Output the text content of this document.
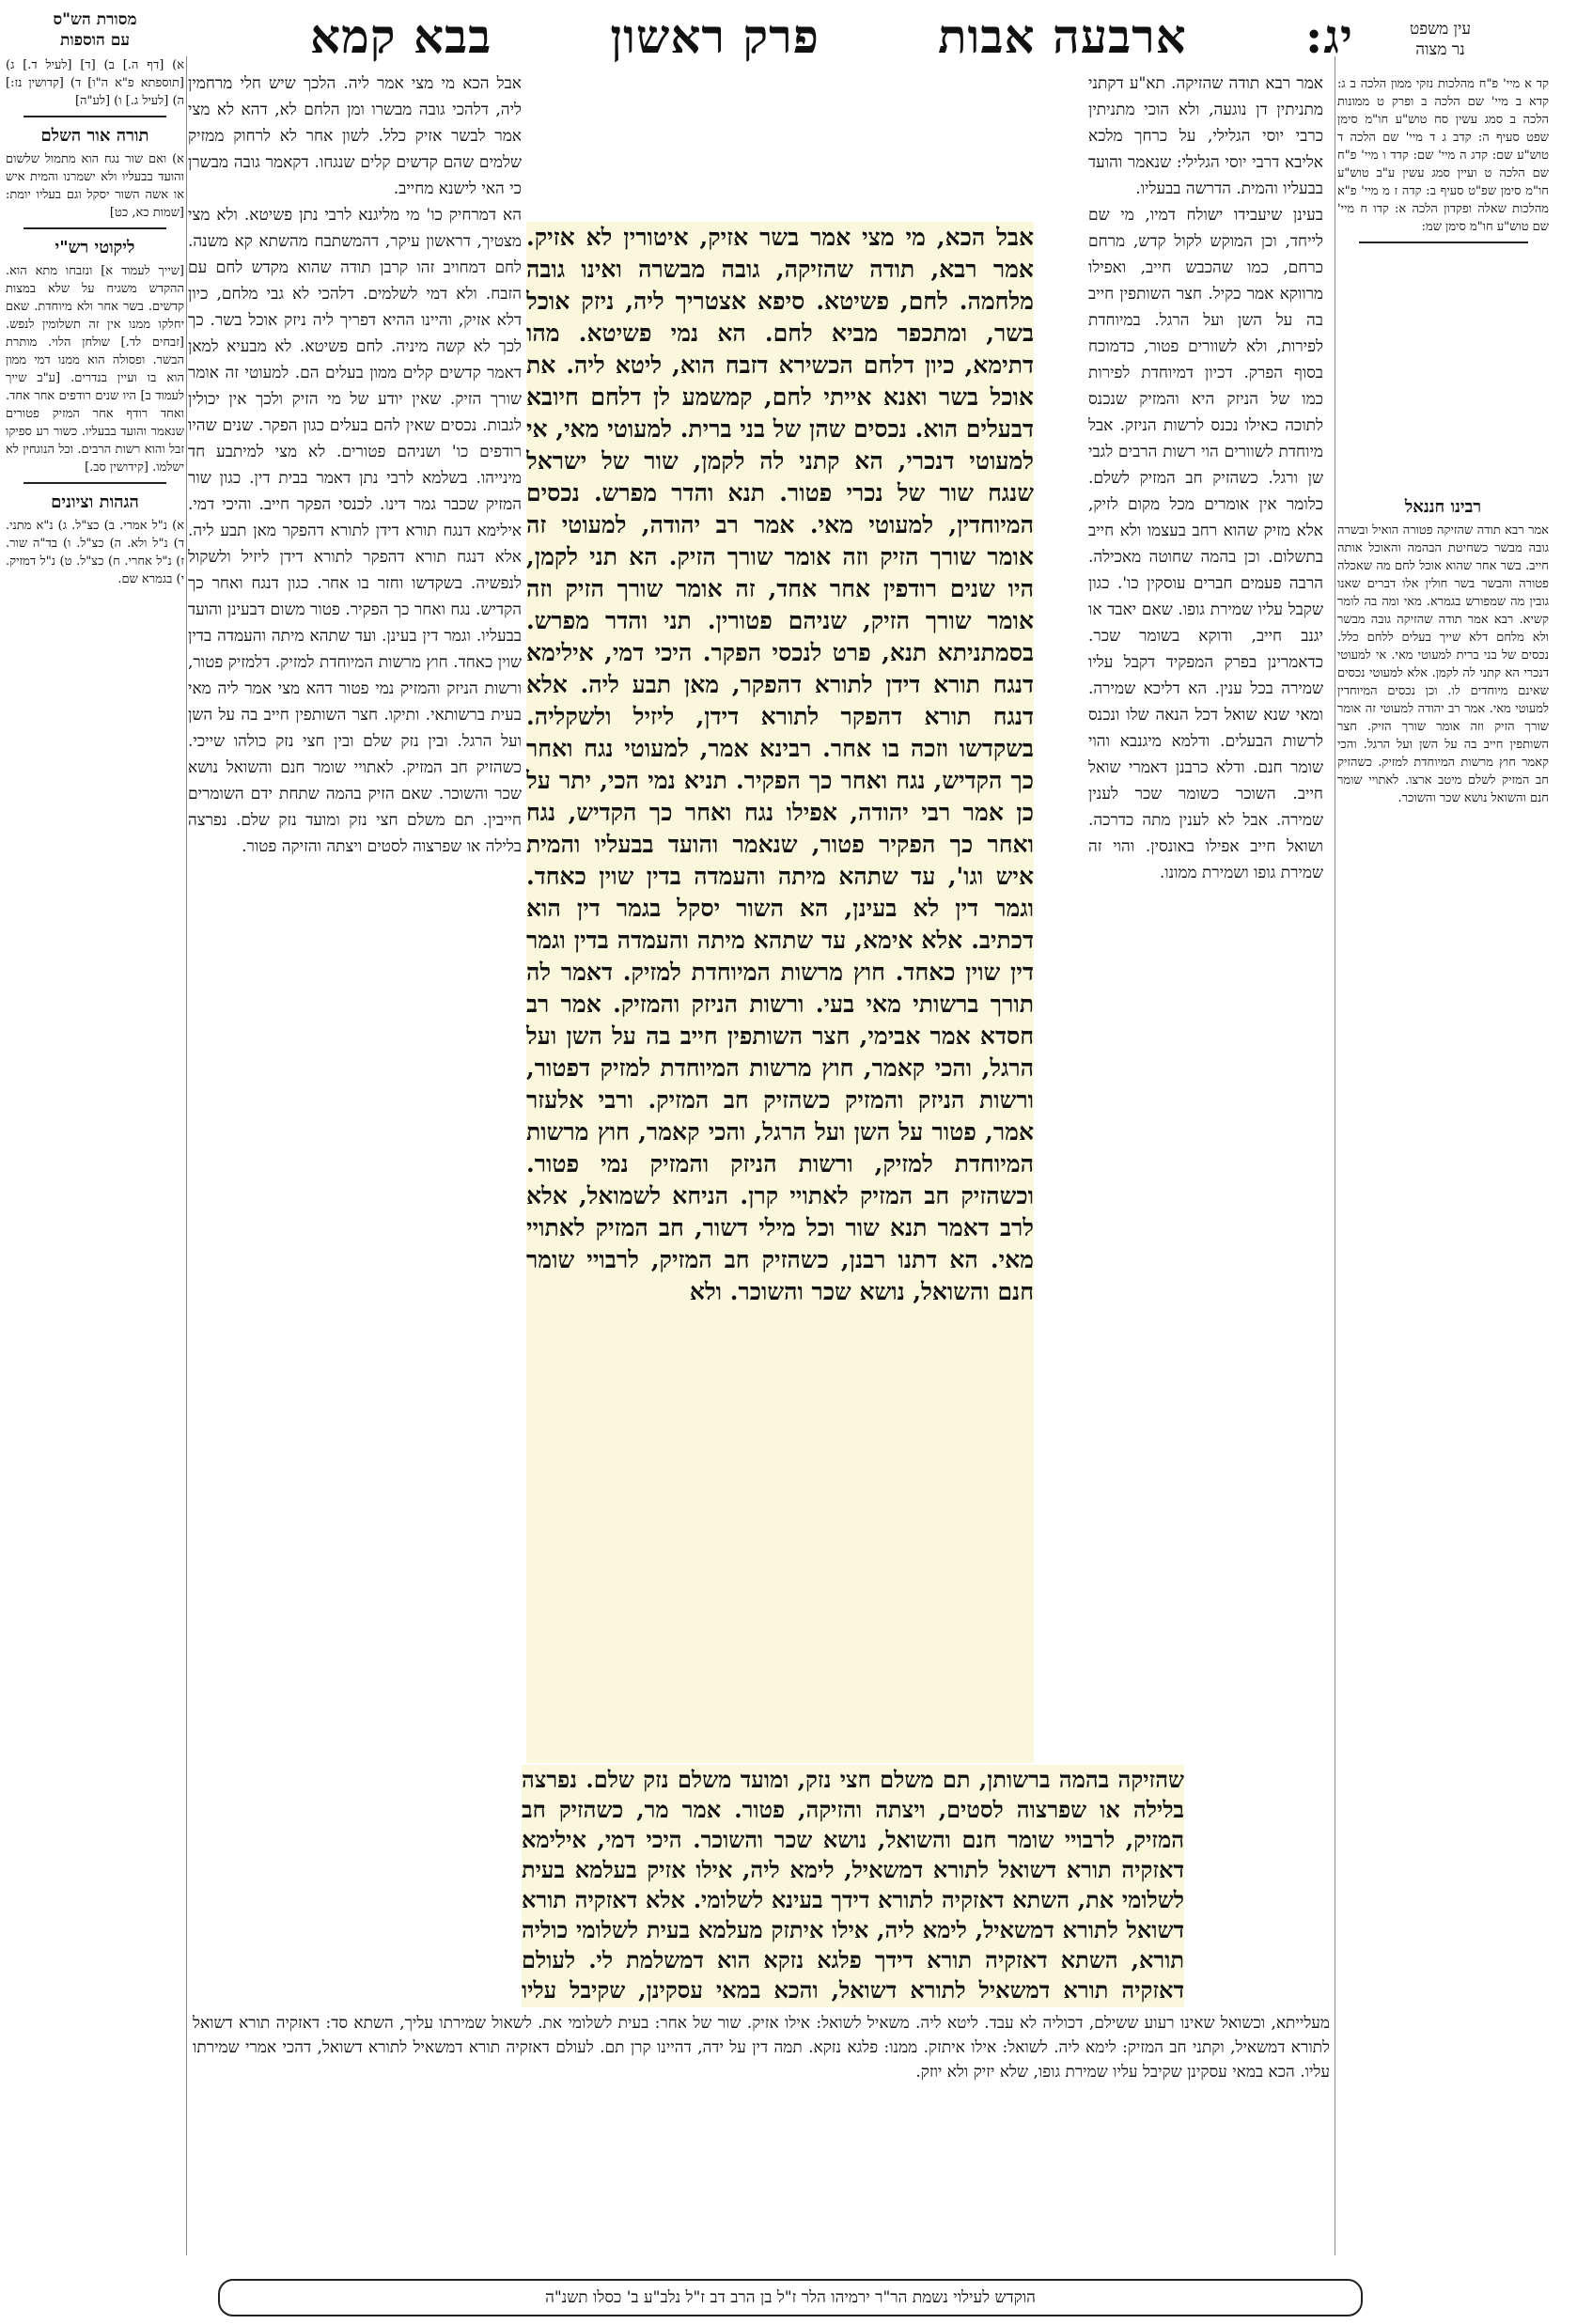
יג:
ארבעה אבות
פרק ראשון
בבא קמא	עין משפט
נר מצוה
קד א מיי' פ"ח מהלכות נזקי ממון הלכה ב ג: קדא ב מיי' שם הלכה ב ופרק ט ממונות הלכה ב סמג עשין סח טוש"ע חו"מ סימן שפט סעיף ה: קדב ג ד מיי' שם הלכה ד טוש"ע שם: קדג ה מיי' שם: קדד ו מיי' פ"ח שם הלכה ט ועיין סמג עשין ע"ב טוש"ע חו"מ סימן שפ"ט סעיף ב: קדה ז מ מיי' פ"א מהלכות שאלה ופקדון הלכה א: קדו ח מיי' שם טוש"ע חו"מ סימן שמ:
רבינו חננאל
אמר רבא תודה שהזיקה פטורה הואיל ובשרה גובה מבשר כשחיטת הבהמה והאוכל אותה חייב. בשר אחר שהוא אוכל לחם מה שאכלה פטורה והבשר בשר חולין אלו דברים שאנו גובין מה שמפורש בגמרא. מאי ומה בה לומר קשיא. רבא אמר תודה שהזיקה גובה מבשר ולא מלחם דלא שייך בעלים ללחם כלל. נכסים של בני ברית למעוטי מאי. אי למעוטי דנכרי הא קתני לה לקמן. אלא למעוטי נכסים שאינם מיוחדים לו. וכן נכסים המיוחדין למעוטי מאי. אמר רב יהודה למעוטי זה אומר שורך הזיק וזה אומר שורך הזיק. חצר השותפין חייב בה על השן ועל הרגל. והכי קאמר חוץ מרשות המיוחדת למזיק. כשהזיק חב המזיק לשלם מיטב ארצו. לאתויי שומר חנם והשואל נושא שכר והשוכר.
מסורת הש"ס
עם הוספות
א) [דף ה.] ב) [ד] [לעיל ד.] ג) [תוספתא פ"א ה"ו] ד) [קדושין נז:] ה) [לעיל ג.] ו) [לע"ה]
תורה אור השלם
א) ואם שור נגח הוא מתמול שלשום והועד בבעליו ולא ישמרנו והמית איש או אשה השור יסקל וגם בעליו יומת: [שמות כא, כט]
ליקוטי רש"י
[שייך לעמוד א] ונזבחו מתא הוא. ההקדש משגיח על שלא במצות קדשים. בשר אחר ולא מיוחדת. שאם יחלקו ממנו אין זה תשלומין לנפש. [זבחים לד.] שולחן הלוי. מותרת הבשר. ופסולה הוא ממנו דמי ממון הוא בו ועיין בנדרים. [ע"ב שייך לעמוד ב] היו שנים רודפים אחר אחד. ואחד רודף אחר המזיק פטורים שנאמר והועד בבעליו. כשור רע ספיקו זבל והוא רשות הרבים. וכל הנוגחין לא ישלמו. [קידושין סב.]
הגהות וציונים
א) נ"ל אמרי. ב) כצ"ל. ג) נ"א מתני. ד) נ"ל ולא. ה) כצ"ל. ו) בד"ה שור. ז) נ"ל אחרי. ח) כצ"ל. ט) נ"ל דמזיק. י) בגמרא שם.
אמר רבא תודה שהזיקה. תא"ע דקתני מתניתין דן נוגעה, ולא הוכי מתניתין כרבי יוסי הגלילי, על כרחך מלכא אליבא דרבי יוסי הגלילי: שנאמר והועד בבעליו והמית. הדרשה בבעליו.
בעינן שיעבידו ישולח דמיו, מי שם לייחד, וכן המוקש לקול קדש, מרחם כרחם, כמו שהכבש חייב, ואפילו מרווקא אמר כקיל. חצר השותפין חייב בה על השן ועל הרגל. במיוחדת לפירות, ולא לשוורים פטור, כדמוכח בסוף הפרק. דכיון דמיוחדת לפירות כמו של הניזק היא והמזיק שנכנס לתוכה כאילו נכנס לרשות הניזק. אבל מיוחדת לשוורים הוי רשות הרבים לגבי שן ורגל. כשהזיק חב המזיק לשלם. כלומר אין אומרים מכל מקום לזיק, אלא מזיק שהוא רחב בעצמו ולא חייב בתשלום. וכן בהמה שחוטה מאכילה. הרבה פעמים חברים עוסקין כו'. כגון שקבל עליו שמירת גופו. שאם יאבד או יגנב חייב, ודוקא בשומר שכר. כדאמרינן בפרק המפקיד דקבל עליו שמירה בכל ענין. הא דליכא שמירה. ומאי שנא שואל דכל הנאה שלו ונכנס לרשות הבעלים. ודלמא מיגנבא והוי שומר חנם. ודלא כרבנן דאמרי שואל חייב. השוכר כשומר שכר לענין שמירה. אבל לא לענין מתה כדרכה. ושואל חייב אפילו באונסין. והוי זה שמירת גופו ושמירת ממונו.
אבל הכא מי מצי אמר ליה. הלכך שיש חלי מרחמין ליה, דלהכי גובה מבשרו ומן הלחם לא, דהא לא מצי אמר לבשר אזיק כלל. לשון אחר לא לרחוק ממזיק שלמים שהם קדשים קלים שנגחו. דקאמר גובה מבשרן כי האי לישנא מחייב.
הא דמרחיק כו' מי מליגנא לרבי נתן פשיטא. ולא מצי מצטיך, דראשון עיקר, דהמשתבח מהשתא קא משנה. לחם דמחויב זהו קרבן תודה שהוא מקדש לחם עם הזבח. ולא דמי לשלמים. דלהכי לא גבי מלחם, כיון דלא אזיק, והיינו ההיא דפריך ליה ניזק אוכל בשר. כך לכך לא קשה מיניה. לחם פשיטא. לא מבעיא למאן דאמר קדשים קלים ממון בעלים הם. למעוטי זה אומר שורך הזיק. שאין יודע של מי הזיק ולכך אין יכולין לגבות. נכסים שאין להם בעלים כגון הפקר. שנים שהיו רודפים כו' ושניהם פטורים. לא מצי למיתבע חד מינייהו. בשלמא לרבי נתן דאמר בבית דין. כגון שור המזיק שכבר גמר דינו. לכנסי הפקר חייב. והיכי דמי. אילימא דנגח תורא דידן לתורא דהפקר מאן תבע ליה. אלא דנגח תורא דהפקר לתורא דידן ליזיל ולשקול לנפשיה. בשקדשו וחזר בו אחר. כגון דנגח ואחר כך הקדיש. נגח ואחר כך הפקיר. פטור משום דבעינן והועד בבעליו. וגמר דין בעינן. ועד שתהא מיתה והעמדה בדין שוין כאחד. חוץ מרשות המיוחדת למזיק. דלמזיק פטור, ורשות הניזק והמזיק נמי פטור דהא מצי אמר ליה מאי בעית ברשותאי. ותיקו. חצר השותפין חייב בה על השן ועל הרגל. ובין נזק שלם ובין חצי נזק כולהו שייכי. כשהזיק חב המזיק. לאתויי שומר חנם והשואל נושא שכר והשוכר. שאם הזיק בהמה שתחת ידם השומרים חייבין. תם משלם חצי נזק ומועד נזק שלם. נפרצה בלילה או שפרצוה לסטים ויצתה והזיקה פטור.
אבל הכא, מי מצי אמר בשר אזיק, איטורין לא אזיק. אמר רבא, תודה שהזיקה, גובה מבשרה ואינו גובה מלחמה. לחם, פשיטא. סיפא אצטריך ליה, ניזק אוכל בשר, ומתכפר מביא לחם. הא נמי פשיטא. מהו דתימא, כיון דלחם הכשירא דזבח הוא, ליטא ליה. את אוכל בשר ואנא אייתי לחם, קמשמע לן דלחם חיובא דבעלים הוא. נכסים שהן של בני ברית. למעוטי מאי, אי למעוטי דנכרי, הא קתני לה לקמן, שור של ישראל שנגח שור של נכרי פטור. תנא והדר מפרש. נכסים המיוחדין, למעוטי מאי. אמר רב יהודה, למעוטי זה אומר שורך הזיק וזה אומר שורך הזיק. הא תני לקמן, היו שנים רודפין אחר אחד, זה אומר שורך הזיק וזה אומר שורך הזיק, שניהם פטורין. תני והדר מפרש. בסמתניתא תנא, פרט לנכסי הפקר. היכי דמי, אילימא דנגח תורא דידן לתורא דהפקר, מאן תבע ליה. אלא דנגח תורא דהפקר לתורא דידן, ליזיל ולשקליה. בשקדשו וזכה בו אחר. רבינא אמר, למעוטי נגח ואחר כך הקדיש, נגח ואחר כך הפקיר. תניא נמי הכי, יתר על כן אמר רבי יהודה, אפילו נגח ואחר כך הקדיש, נגח ואחר כך הפקיר פטור, שנאמר והועד בבעליו והמית איש וגו', עד שתהא מיתה והעמדה בדין שוין כאחד. וגמר דין לא בעינן, הא השור יסקל בגמר דין הוא דכתיב. אלא אימא, עד שתהא מיתה והעמדה בדין וגמר דין שוין כאחד. חוץ מרשות המיוחדת למזיק. דאמר לה תורך ברשותי מאי בעי. ורשות הניזק והמזיק. אמר רב חסדא אמר אבימי, חצר השותפין חייב בה על השן ועל הרגל, והכי קאמר, חוץ מרשות המיוחדת למזיק דפטור, ורשות הניזק והמזיק כשהזיק חב המזיק. ורבי אלעזר אמר, פטור על השן ועל הרגל, והכי קאמר, חוץ מרשות המיוחדת למזיק, ורשות הניזק והמזיק נמי פטור. וכשהזיק חב המזיק לאתויי קרן. הניחא לשמואל, אלא לרב דאמר תנא שור וכל מילי דשור, חב המזיק לאתויי מאי. הא דתנו רבנן, כשהזיק חב המזיק, לרבויי שומר חנם והשואל, נושא שכר והשוכר. ולא
שהזיקה בהמה ברשותן, תם משלם חצי נזק, ומועד משלם נזק שלם. נפרצה בלילה או שפרצוה לסטים, ויצתה והזיקה, פטור. אמר מר, כשהזיק חב המזיק, לרבויי שומר חנם והשואל, נושא שכר והשוכר. היכי דמי, אילימא דאזקיה תורא דשואל לתורא דמשאיל, לימא ליה, אילו אזיק בעלמא בעית לשלומי את, השתא דאזקיה לתורא דידך בעינא לשלומי. אלא דאזקיה תורא דשואל לתורא דמשאיל, לימא ליה, אילו איתזק מעלמא בעית לשלומי כוליה תורא, השתא דאזקיה תורא דידך פלגא נזקא הוא דמשלמת לי. לעולם דאזקיה תורא דמשאיל לתורא דשואל, והכא במאי עסקינן, שקיבל עליו
מעלייתא, וכשואל שאינו רעוע ששילם, דכוליה לא עבד. ליטא ליה. משאיל לשואל: אילו אזיק. שור של אחר: בעית לשלומי את. לשאול שמירתו עליך, השתא סד: דאזקיה תורא דשואל לתורא דמשאיל, וקתני חב המזיק: לימא ליה. לשואל: אילו איתזק. ממנו: פלגא נזקא. תמה דין על ידה, דהיינו קרן תם. לעולם דאזקיה תורא דמשאיל לתורא דשואל, דהכי אמרי שמירתו עליו. הכא במאי עסקינן שקיבל עליו שמירת גופו, שלא יזיק ולא יוזק.
הוקדש לעילוי נשמת הר"ר ירמיהו הלר ז"ל בן הרב דב ז"ל נלב"ע ב' כסלו תשנ"ה
